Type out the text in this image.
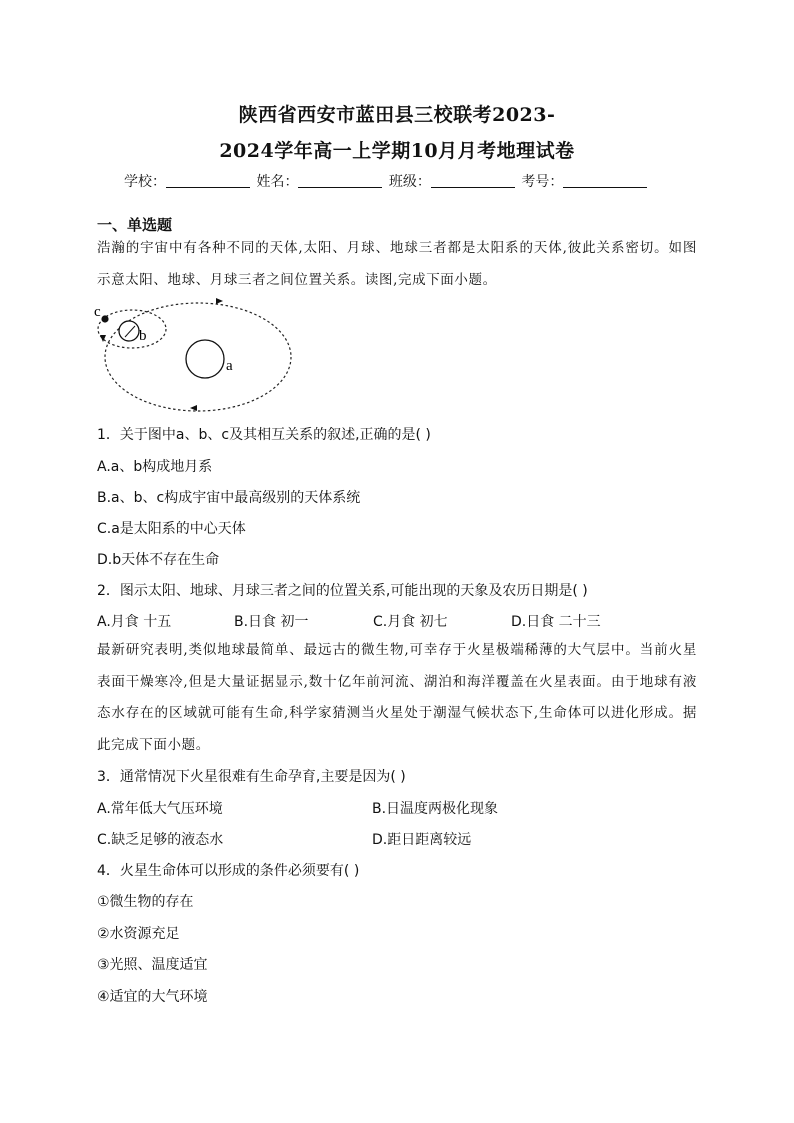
陕西省西安市蓝田县三校联考2023-
2024学年高一上学期10月月考地理试卷
学校：	姓名：	班级：	考号：
一、单选题
浩瀚的宇宙中有各种不同的天体,太阳、月球、地球三者都是太阳系的天体,彼此关系密切。如图示意太阳、地球、月球三者之间位置关系。读图,完成下面小题。
a
b
c
1．关于图中a、b、c及其相互关系的叙述,正确的是( )
A.a、b构成地月系
B.a、b、c构成宇宙中最高级别的天体系统
C.a是太阳系的中心天体
D.b天体不存在生命
2．图示太阳、地球、月球三者之间的位置关系,可能出现的天象及农历日期是( )
A.月食 十五	B.日食 初一	C.月食 初七	D.日食 二十三
最新研究表明,类似地球最简单、最远古的微生物,可幸存于火星极端稀薄的大气层中。当前火星表面干燥寒冷,但是大量证据显示,数十亿年前河流、湖泊和海洋覆盖在火星表面。由于地球有液态水存在的区域就可能有生命,科学家猜测当火星处于潮湿气候状态下,生命体可以进化形成。据此完成下面小题。
3．通常情况下火星很难有生命孕育,主要是因为( )
A.常年低大气压环境	B.日温度两极化现象
C.缺乏足够的液态水	D.距日距离较远
4．火星生命体可以形成的条件必须要有( )
①微生物的存在
②水资源充足
③光照、温度适宜
④适宜的大气环境
